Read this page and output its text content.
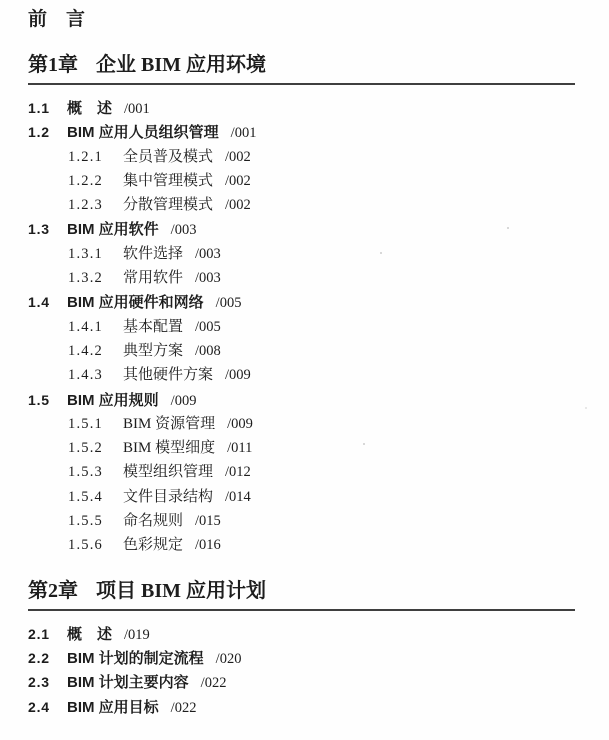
前　言
第1章 企业 BIM 应用环境
1.1	概　述 /001
1.2	BIM 应用人员组织管理 /001
1.2.1	全员普及模式 /002
1.2.2	集中管理模式 /002
1.2.3	分散管理模式 /002
1.3	BIM 应用软件 /003
1.3.1	软件选择 /003
1.3.2	常用软件 /003
1.4	BIM 应用硬件和网络 /005
1.4.1	基本配置 /005
1.4.2	典型方案 /008
1.4.3	其他硬件方案 /009
1.5	BIM 应用规则 /009
1.5.1	BIM 资源管理 /009
1.5.2	BIM 模型细度 /011
1.5.3	模型组织管理 /012
1.5.4	文件目录结构 /014
1.5.5	命名规则 /015
1.5.6	色彩规定 /016
第2章 项目 BIM 应用计划
2.1	概　述 /019
2.2	BIM 计划的制定流程 /020
2.3	BIM 计划主要内容 /022
2.4	BIM 应用目标 /022
